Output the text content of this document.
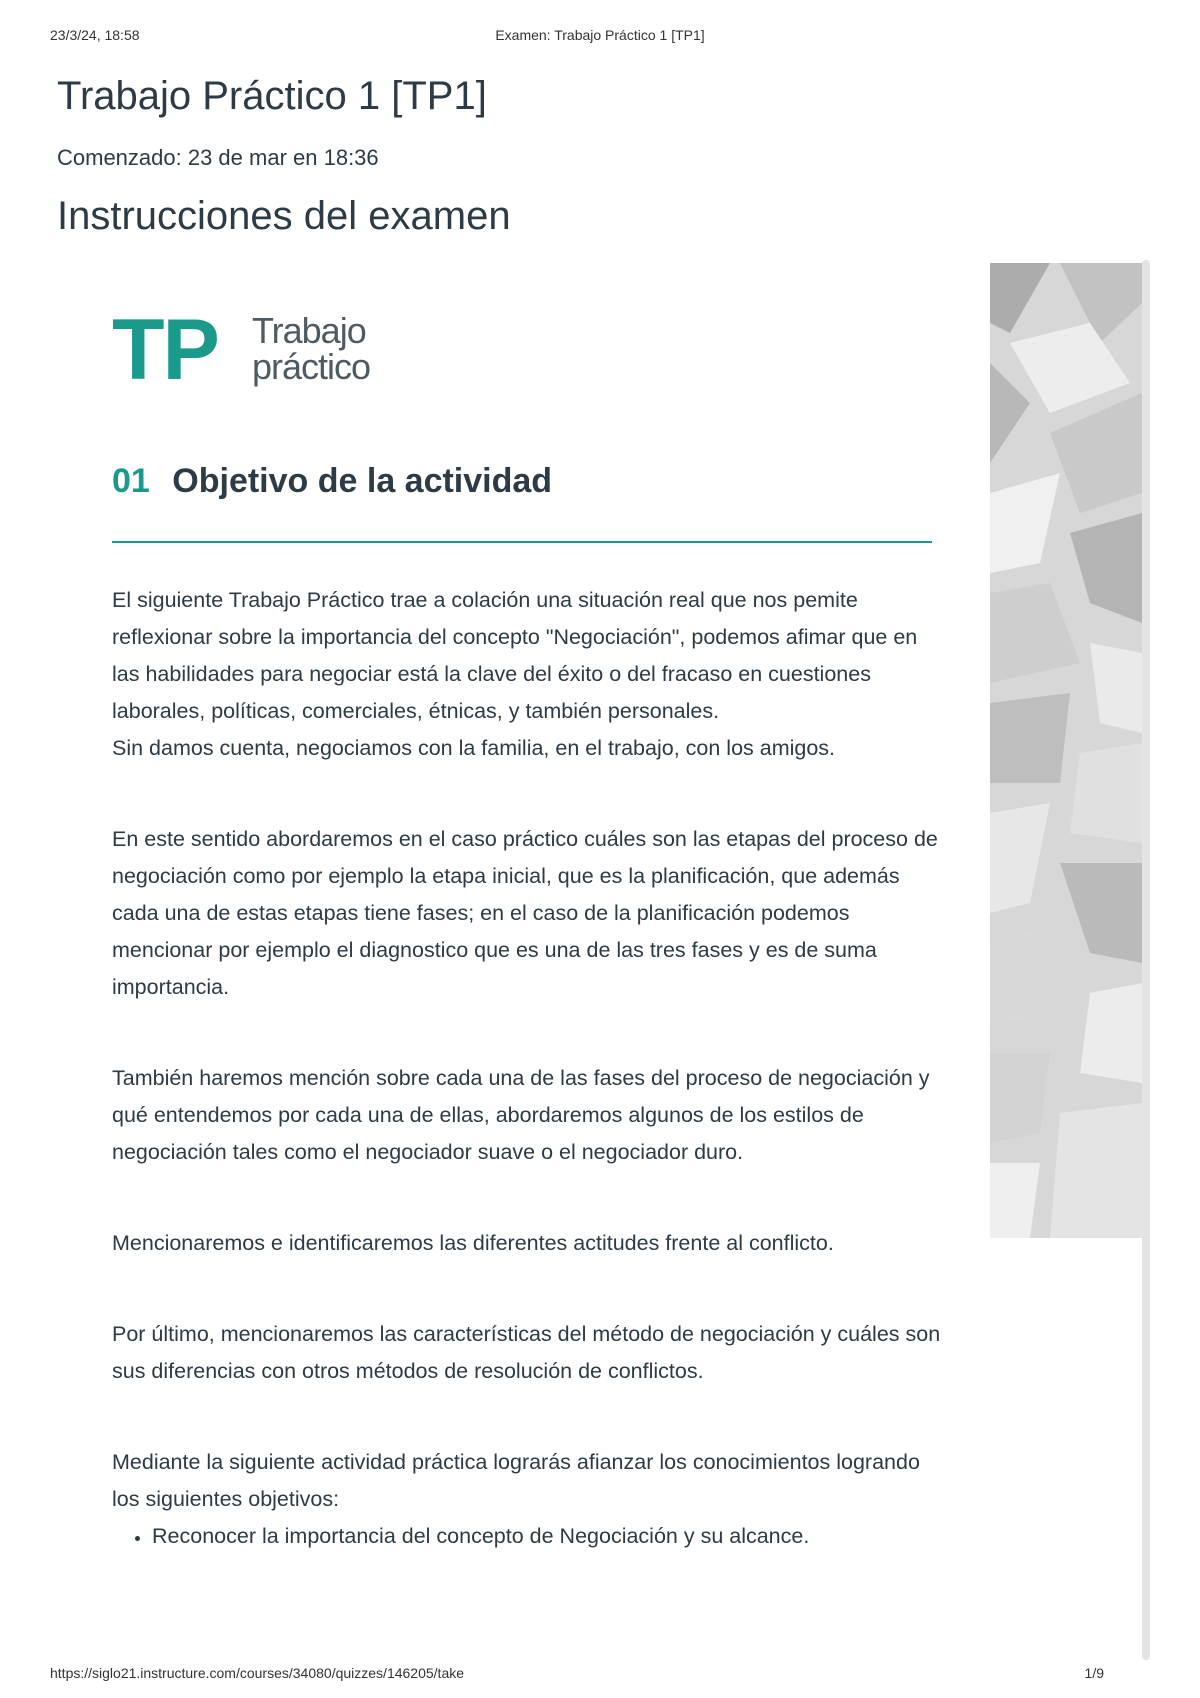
23/3/24, 18:58	Examen: Trabajo Práctico 1 [TP1]
Trabajo Práctico 1 [TP1]
Comenzado: 23 de mar en 18:36
Instrucciones del examen
TP Trabajo
práctico
01 Objetivo de la actividad

El siguiente Trabajo Práctico trae a colación una situación real que nos pemite reflexionar sobre la importancia del concepto "Negociación", podemos afimar que en las habilidades para negociar está la clave del éxito o del fracaso en cuestiones laborales, políticas, comerciales, étnicas, y también personales.

Sin damos cuenta, negociamos con la familia, en el trabajo, con los amigos.

En este sentido abordaremos en el caso práctico cuáles son las etapas del proceso de negociación como por ejemplo la etapa inicial, que es la planificación, que además cada una de estas etapas tiene fases; en el caso de la planificación podemos mencionar por ejemplo el diagnostico que es una de las tres fases y es de suma importancia.

También haremos mención sobre cada una de las fases del proceso de negociación y qué entendemos por cada una de ellas, abordaremos algunos de los estilos de negociación tales como el negociador suave o el negociador duro.

Mencionaremos e identificaremos las diferentes actitudes frente al conflicto.

Por último, mencionaremos las características del método de negociación y cuáles son sus diferencias con otros métodos de resolución de conflictos.

Mediante la siguiente actividad práctica lograrás afianzar los conocimientos logrando los siguientes objetivos:

• Reconocer la importancia del concepto de Negociación y su alcance.
https://siglo21.instructure.com/courses/34080/quizzes/146205/take	1/9
